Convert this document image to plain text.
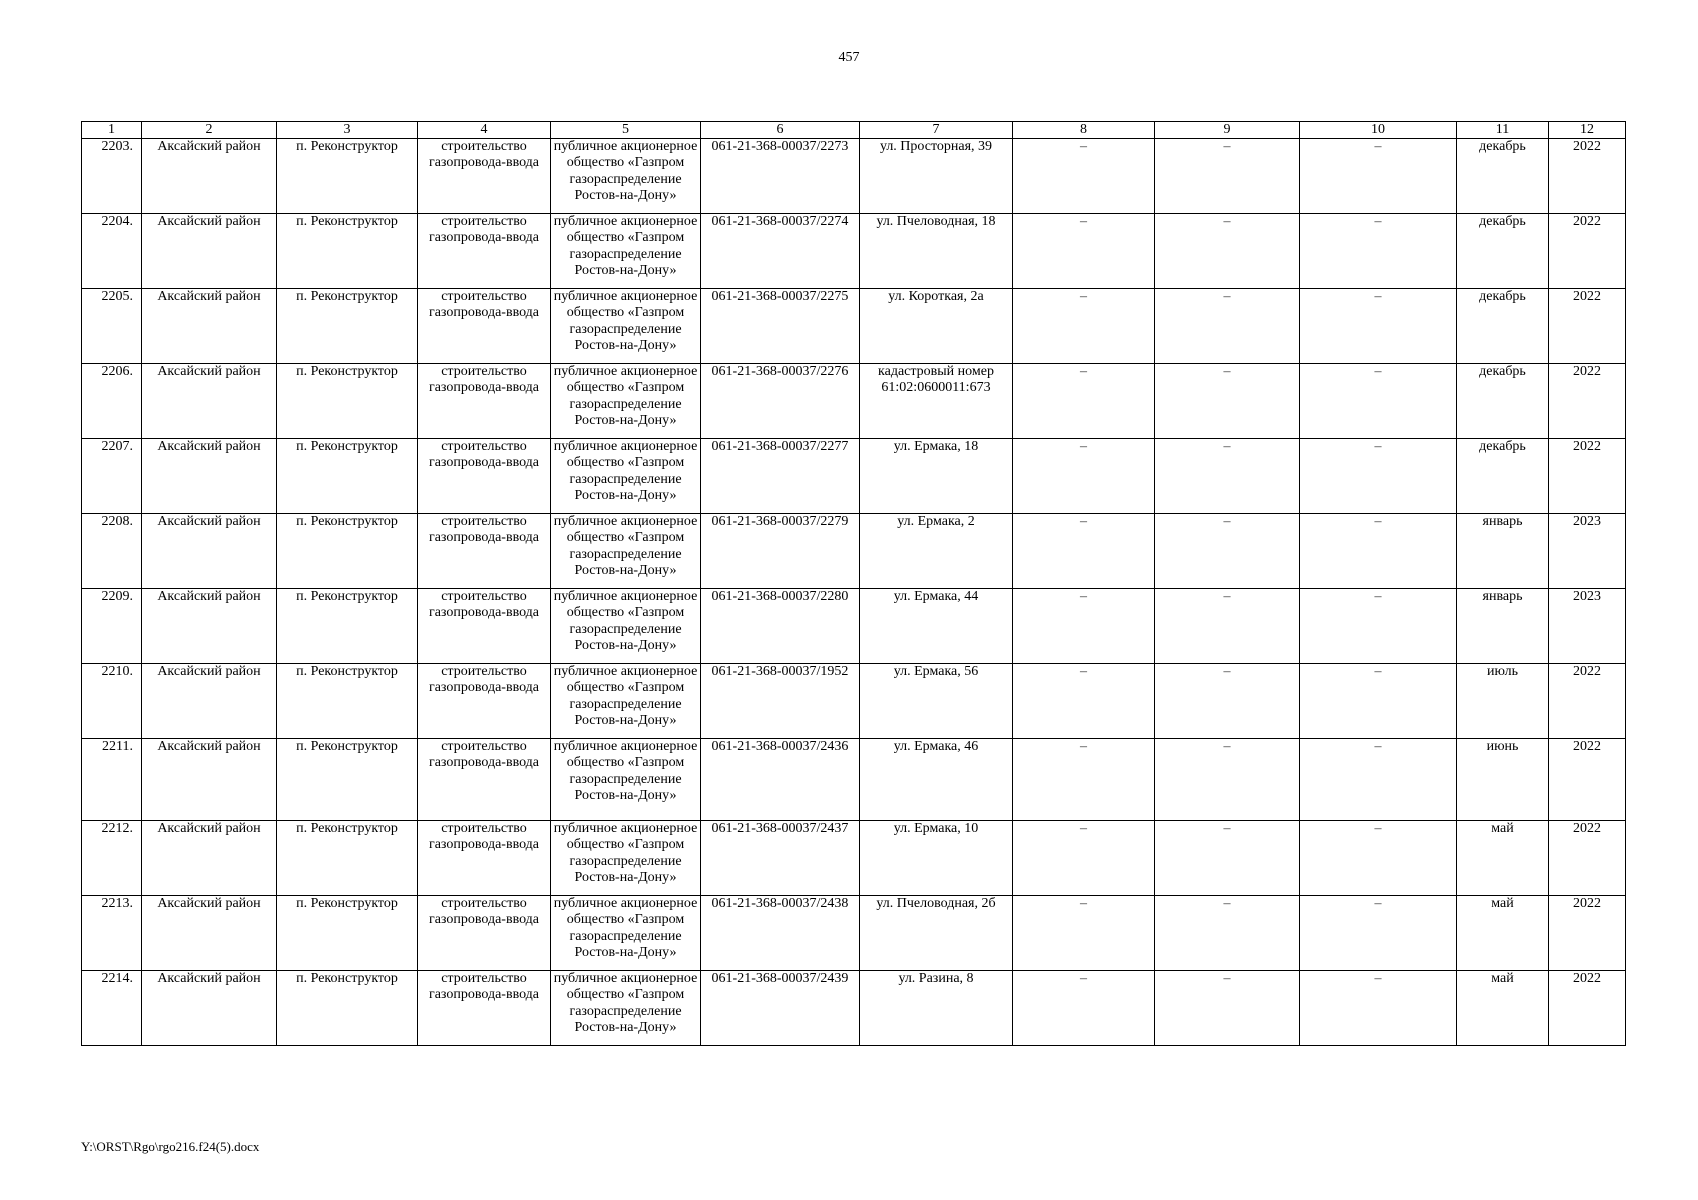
457
1	2	3	4	5	6	7	8	9	10	11	12
2203.	Аксайский район	п. Реконструктор	строительство газопровода-ввода	публичное акционерное общество «Газпром газораспределение Ростов-на-Дону»	061-21-368-00037/2273	ул. Просторная, 39	–	–	–	декабрь	2022
2204.	Аксайский район	п. Реконструктор	строительство газопровода-ввода	публичное акционерное общество «Газпром газораспределение Ростов-на-Дону»	061-21-368-00037/2274	ул. Пчеловодная, 18	–	–	–	декабрь	2022
2205.	Аксайский район	п. Реконструктор	строительство газопровода-ввода	публичное акционерное общество «Газпром газораспределение Ростов-на-Дону»	061-21-368-00037/2275	ул. Короткая, 2а	–	–	–	декабрь	2022
2206.	Аксайский район	п. Реконструктор	строительство газопровода-ввода	публичное акционерное общество «Газпром газораспределение Ростов-на-Дону»	061-21-368-00037/2276	кадастровый номер 61:02:0600011:673	–	–	–	декабрь	2022
2207.	Аксайский район	п. Реконструктор	строительство газопровода-ввода	публичное акционерное общество «Газпром газораспределение Ростов-на-Дону»	061-21-368-00037/2277	ул. Ермака, 18	–	–	–	декабрь	2022
2208.	Аксайский район	п. Реконструктор	строительство газопровода-ввода	публичное акционерное общество «Газпром газораспределение Ростов-на-Дону»	061-21-368-00037/2279	ул. Ермака, 2	–	–	–	январь	2023
2209.	Аксайский район	п. Реконструктор	строительство газопровода-ввода	публичное акционерное общество «Газпром газораспределение Ростов-на-Дону»	061-21-368-00037/2280	ул. Ермака, 44	–	–	–	январь	2023
2210.	Аксайский район	п. Реконструктор	строительство газопровода-ввода	публичное акционерное общество «Газпром газораспределение Ростов-на-Дону»	061-21-368-00037/1952	ул. Ермака, 56	–	–	–	июль	2022
2211.	Аксайский район	п. Реконструктор	строительство газопровода-ввода	публичное акционерное общество «Газпром газораспределение Ростов-на-Дону»	061-21-368-00037/2436	ул. Ермака, 46	–	–	–	июнь	2022
2212.	Аксайский район	п. Реконструктор	строительство газопровода-ввода	публичное акционерное общество «Газпром газораспределение Ростов-на-Дону»	061-21-368-00037/2437	ул. Ермака, 10	–	–	–	май	2022
2213.	Аксайский район	п. Реконструктор	строительство газопровода-ввода	публичное акционерное общество «Газпром газораспределение Ростов-на-Дону»	061-21-368-00037/2438	ул. Пчеловодная, 2б	–	–	–	май	2022
2214.	Аксайский район	п. Реконструктор	строительство газопровода-ввода	публичное акционерное общество «Газпром газораспределение Ростов-на-Дону»	061-21-368-00037/2439	ул. Разина, 8	–	–	–	май	2022
Y:\ORST\Rgo\rgo216.f24(5).docx
